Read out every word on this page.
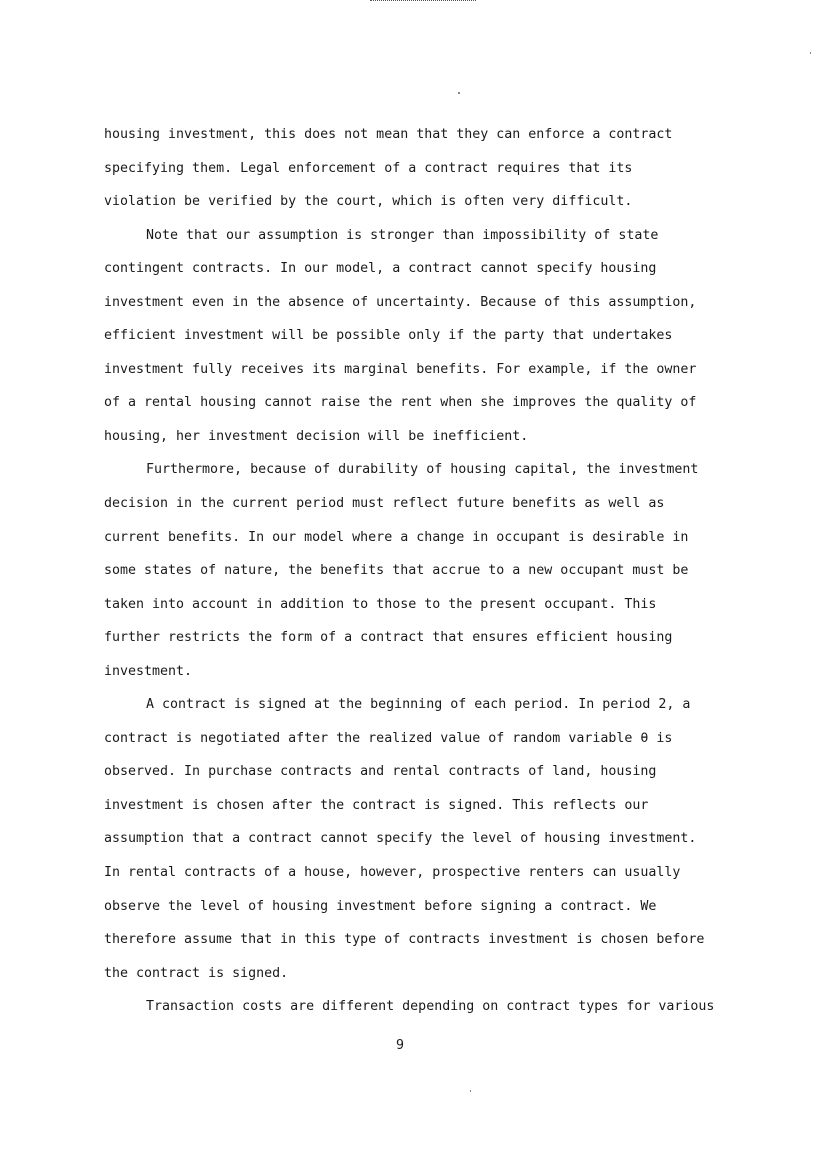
housing investment, this does not mean that they can enforce a contract
specifying them. Legal enforcement of a contract requires that its
violation be verified by the court, which is often very difficult.
Note that our assumption is stronger than impossibility of state
contingent contracts. In our model, a contract cannot specify housing
investment even in the absence of uncertainty. Because of this assumption,
efficient investment will be possible only if the party that undertakes
investment fully receives its marginal benefits. For example, if the owner
of a rental housing cannot raise the rent when she improves the quality of
housing, her investment decision will be inefficient.
Furthermore, because of durability of housing capital, the investment
decision in the current period must reflect future benefits as well as
current benefits. In our model where a change in occupant is desirable in
some states of nature, the benefits that accrue to a new occupant must be
taken into account in addition to those to the present occupant. This
further restricts the form of a contract that ensures efficient housing
investment.
A contract is signed at the beginning of each period. In period 2, a
contract is negotiated after the realized value of random variable θ is
observed. In purchase contracts and rental contracts of land, housing
investment is chosen after the contract is signed. This reflects our
assumption that a contract cannot specify the level of housing investment.
In rental contracts of a house, however, prospective renters can usually
observe the level of housing investment before signing a contract. We
therefore assume that in this type of contracts investment is chosen before
the contract is signed.
Transaction costs are different depending on contract types for various
9
